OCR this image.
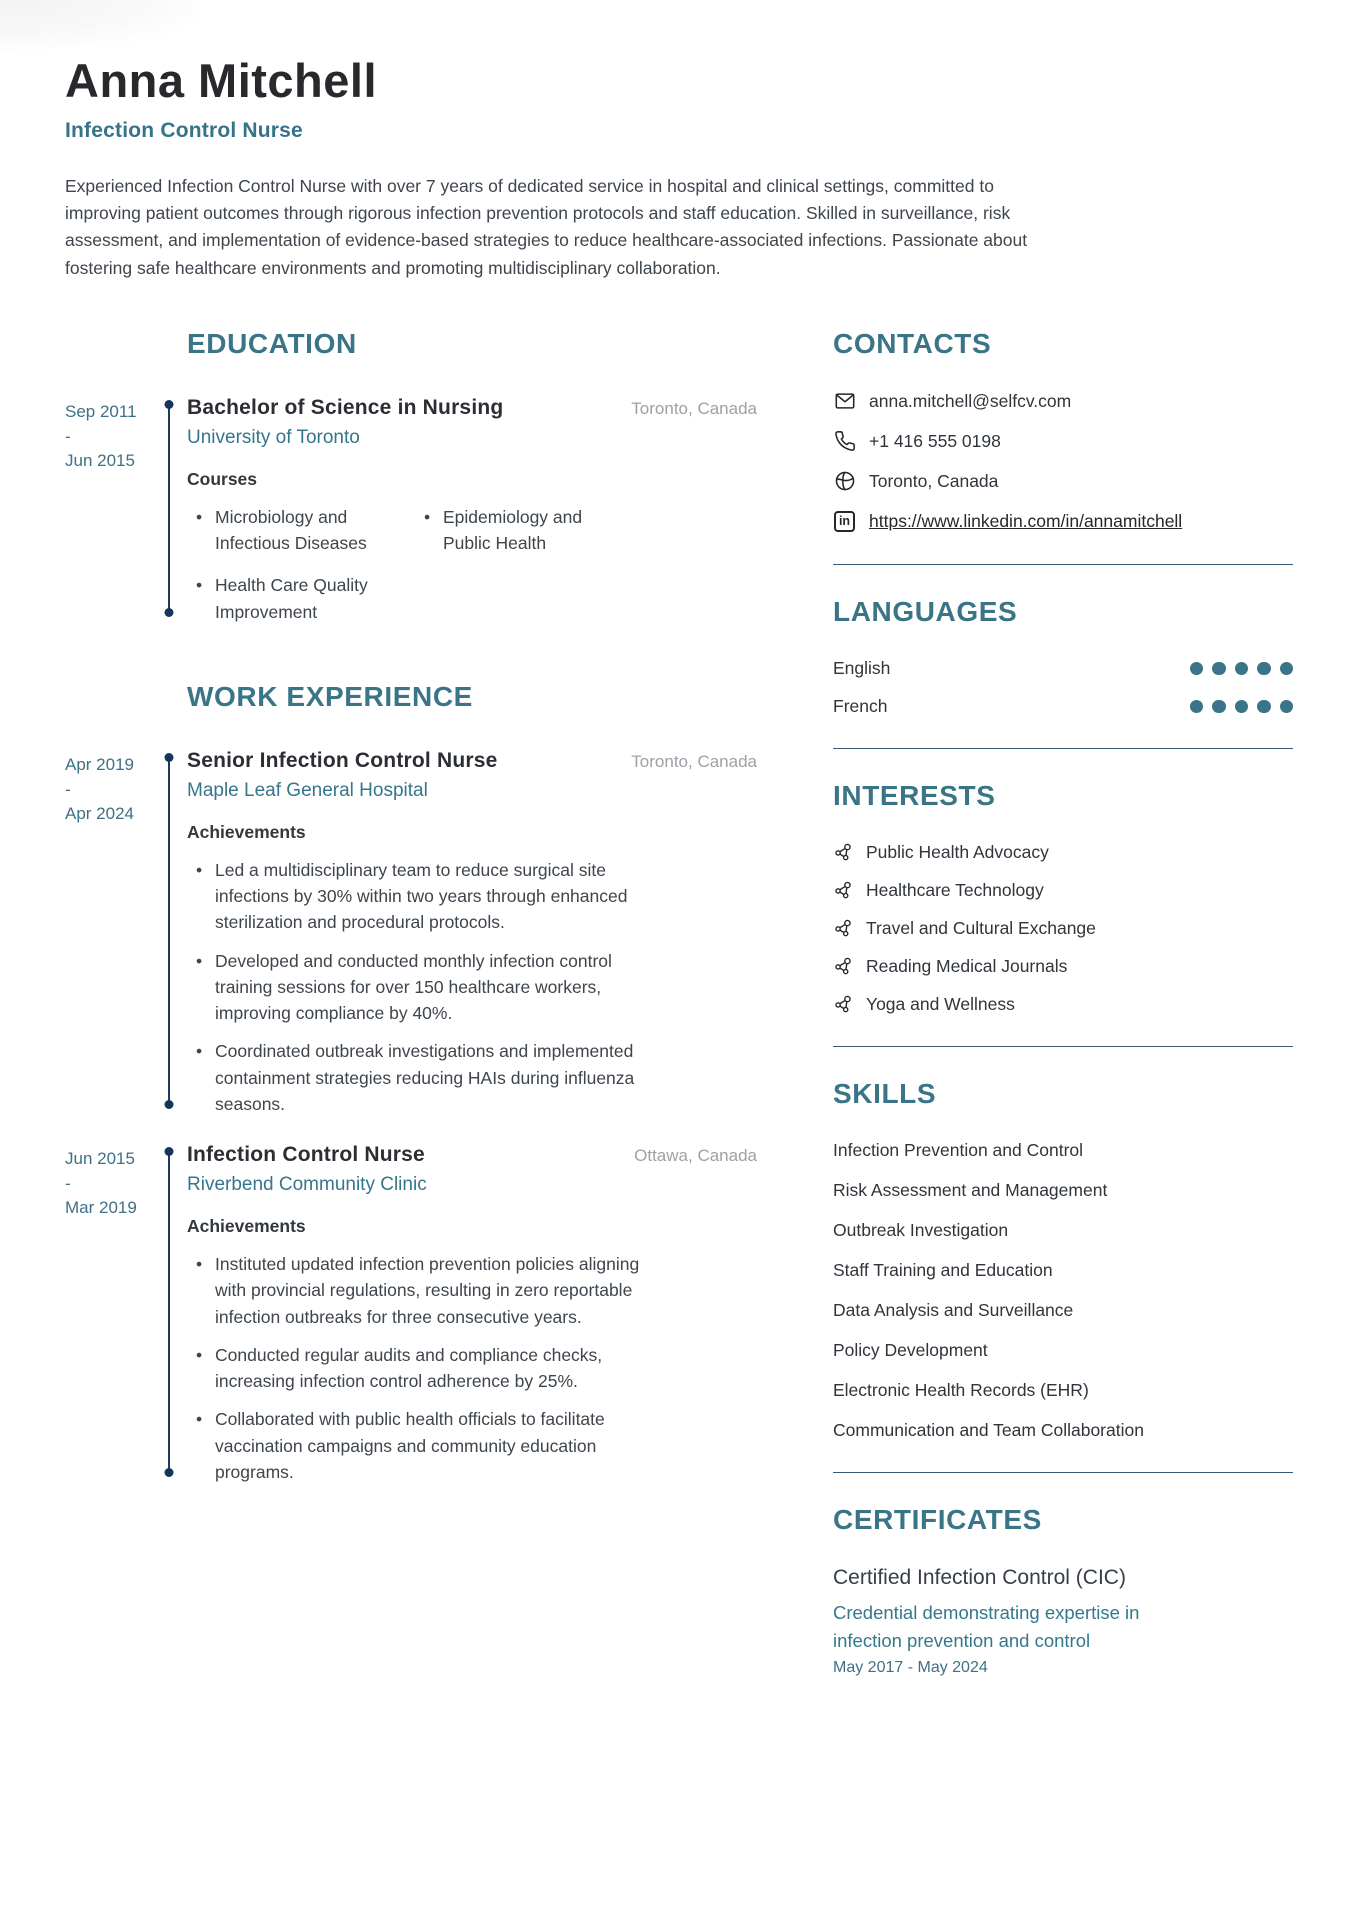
Anna Mitchell
Infection Control Nurse
Experienced Infection Control Nurse with over 7 years of dedicated service in hospital and clinical settings, committed to improving patient outcomes through rigorous infection prevention protocols and staff education. Skilled in surveillance, risk assessment, and implementation of evidence-based strategies to reduce healthcare-associated infections. Passionate about fostering safe healthcare environments and promoting multidisciplinary collaboration.
EDUCATION
Sep 2011
-
Jun 2015
Bachelor of Science in Nursing	Toronto, Canada
University of Toronto
Courses
• Microbiology and Infectious Diseases
• Epidemiology and Public Health
• Health Care Quality Improvement
WORK EXPERIENCE
Apr 2019
-
Apr 2024
Senior Infection Control Nurse	Toronto, Canada
Maple Leaf General Hospital
Achievements
• Led a multidisciplinary team to reduce surgical site infections by 30% within two years through enhanced sterilization and procedural protocols.
• Developed and conducted monthly infection control training sessions for over 150 healthcare workers, improving compliance by 40%.
• Coordinated outbreak investigations and implemented containment strategies reducing HAIs during influenza seasons.
Jun 2015
-
Mar 2019
Infection Control Nurse	Ottawa, Canada
Riverbend Community Clinic
Achievements
• Instituted updated infection prevention policies aligning with provincial regulations, resulting in zero reportable infection outbreaks for three consecutive years.
• Conducted regular audits and compliance checks, increasing infection control adherence by 25%.
• Collaborated with public health officials to facilitate vaccination campaigns and community education programs.
CONTACTS
anna.mitchell@selfcv.com
+1 416 555 0198
Toronto, Canada
in https://www.linkedin.com/in/annamitchell
LANGUAGES
English
French
INTERESTS
Public Health Advocacy
Healthcare Technology
Travel and Cultural Exchange
Reading Medical Journals
Yoga and Wellness
SKILLS
Infection Prevention and Control
Risk Assessment and Management
Outbreak Investigation
Staff Training and Education
Data Analysis and Surveillance
Policy Development
Electronic Health Records (EHR)
Communication and Team Collaboration
CERTIFICATES
Certified Infection Control (CIC)
Credential demonstrating expertise in infection prevention and control
May 2017 - May 2024
